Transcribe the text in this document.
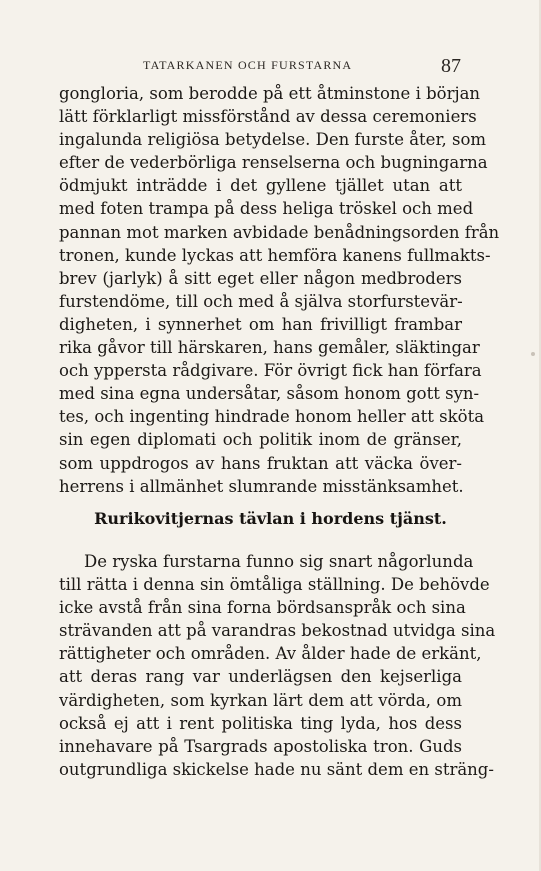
TATARKANEN OCH FURSTARNA	87
gongloria, som berodde på ett åtminstone i början
lätt förklarligt missförstånd av dessa ceremoniers
ingalunda religiösa betydelse. Den furste åter, som
efter de vederbörliga renselserna och bugningarna
ödmjukt inträdde i det gyllene tjället utan att
med foten trampa på dess heliga tröskel och med
pannan mot marken avbidade benådningsorden från
tronen, kunde lyckas att hemföra kanens fullmakts-
brev (jarlyk) å sitt eget eller någon medbroders
furstendöme, till och med å själva storfurstevär-
digheten, i synnerhet om han frivilligt frambar
rika gåvor till härskaren, hans gemåler, släktingar
och yppersta rådgivare. För övrigt fick han förfara
med sina egna undersåtar, såsom honom gott syn-
tes, och ingenting hindrade honom heller att sköta
sin egen diplomati och politik inom de gränser,
som uppdrogos av hans fruktan att väcka över-
herrens i allmänhet slumrande misstänksamhet.
Rurikovitjernas tävlan i hordens tjänst.
De ryska furstarna funno sig snart någorlunda
till rätta i denna sin ömtåliga ställning. De behövde
icke avstå från sina forna bördsanspråk och sina
strävanden att på varandras bekostnad utvidga sina
rättigheter och områden. Av ålder hade de erkänt,
att deras rang var underlägsen den kejserliga
värdigheten, som kyrkan lärt dem att vörda, om
också ej att i rent politiska ting lyda, hos dess
innehavare på Tsargrads apostoliska tron. Guds
outgrundliga skickelse hade nu sänt dem en sträng-
